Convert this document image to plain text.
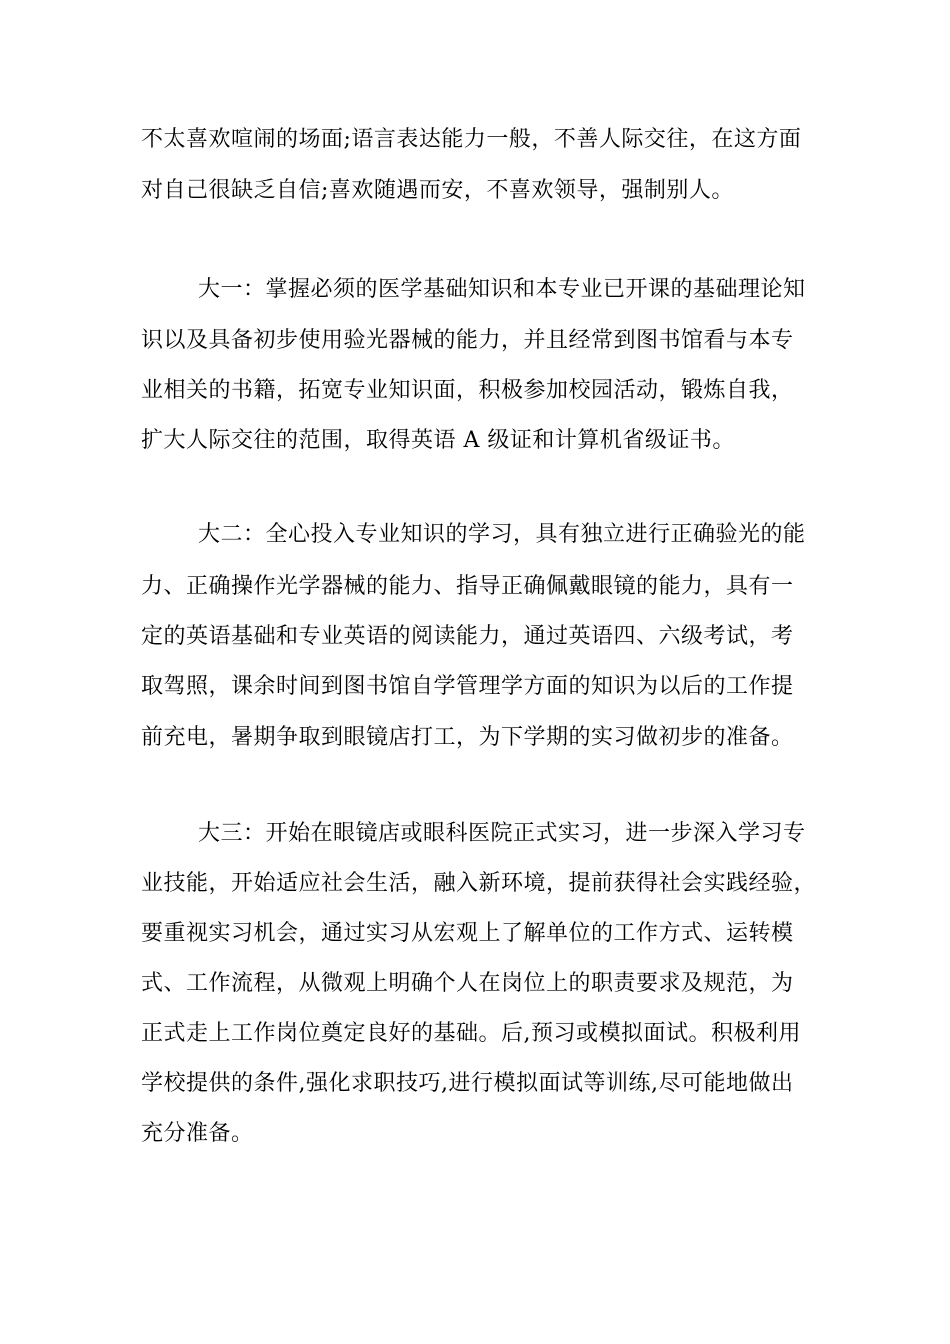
不太喜欢喧闹的场面;语言表达能力一般，不善人际交往，在这方面
对自己很缺乏自信;喜欢随遇而安，不喜欢领导，强制别人。
大一：掌握必须的医学基础知识和本专业已开课的基础理论知
识以及具备初步使用验光器械的能力，并且经常到图书馆看与本专
业相关的书籍，拓宽专业知识面，积极参加校园活动，锻炼自我，
扩大人际交往的范围，取得英语 A 级证和计算机省级证书。
大二：全心投入专业知识的学习，具有独立进行正确验光的能
力、正确操作光学器械的能力、指导正确佩戴眼镜的能力，具有一
定的英语基础和专业英语的阅读能力，通过英语四、六级考试，考
取驾照，课余时间到图书馆自学管理学方面的知识为以后的工作提
前充电，暑期争取到眼镜店打工，为下学期的实习做初步的准备。
大三：开始在眼镜店或眼科医院正式实习，进一步深入学习专
业技能，开始适应社会生活，融入新环境，提前获得社会实践经验，
要重视实习机会，通过实习从宏观上了解单位的工作方式、运转模
式、工作流程，从微观上明确个人在岗位上的职责要求及规范，为
正式走上工作岗位奠定良好的基础。后,预习或模拟面试。积极利用
学校提供的条件,强化求职技巧,进行模拟面试等训练,尽可能地做出
充分准备。
